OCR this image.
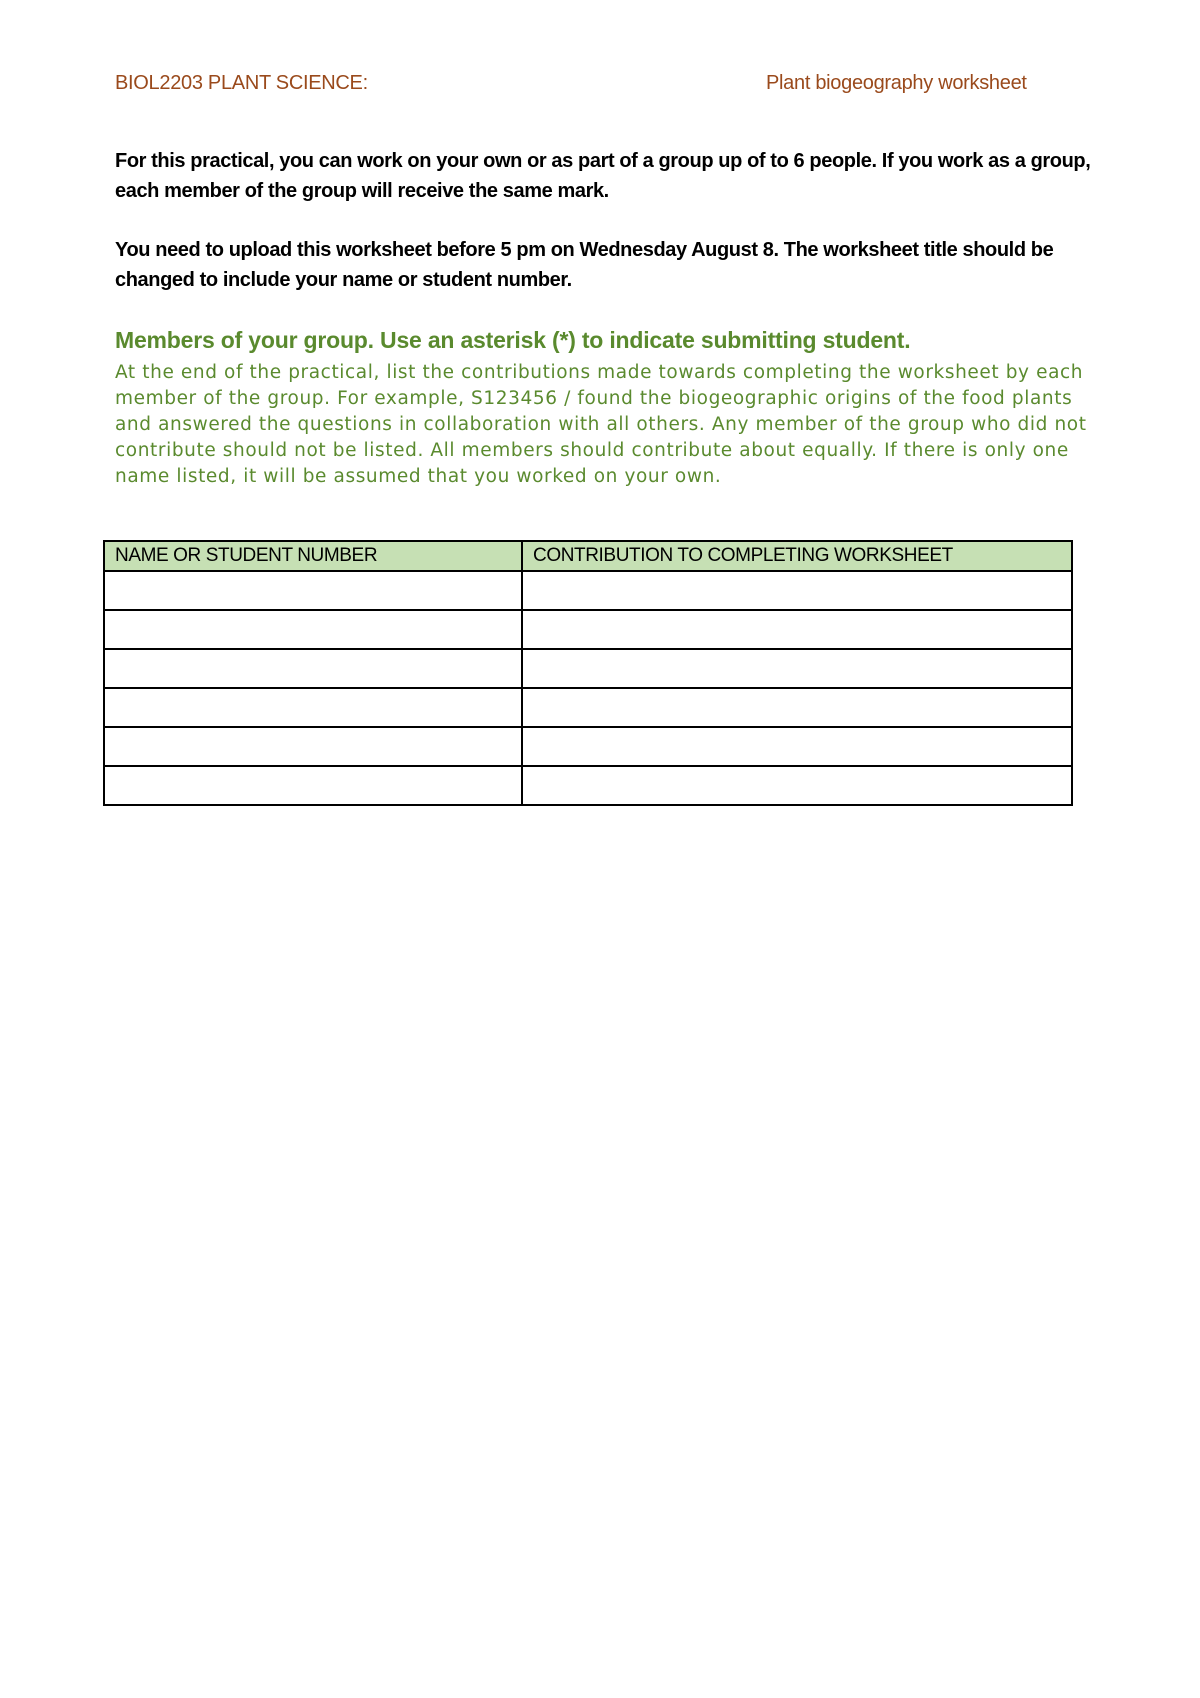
BIOL2203 PLANT SCIENCE:	Plant biogeography worksheet
For this practical, you can work on your own or as part of a group up of to 6 people. If you work as a group, each member of the group will receive the same mark.
You need to upload this worksheet before 5 pm on Wednesday August 8. The worksheet title should be changed to include your name or student number.
Members of your group. Use an asterisk (*) to indicate submitting student.
At the end of the practical, list the contributions made towards completing the worksheet by each member of the group. For example, S123456 / found the biogeographic origins of the food plants and answered the questions in collaboration with all others. Any member of the group who did not contribute should not be listed. All members should contribute about equally. If there is only one name listed, it will be assumed that you worked on your own.
NAME OR STUDENT NUMBER	CONTRIBUTION TO COMPLETING WORKSHEET
